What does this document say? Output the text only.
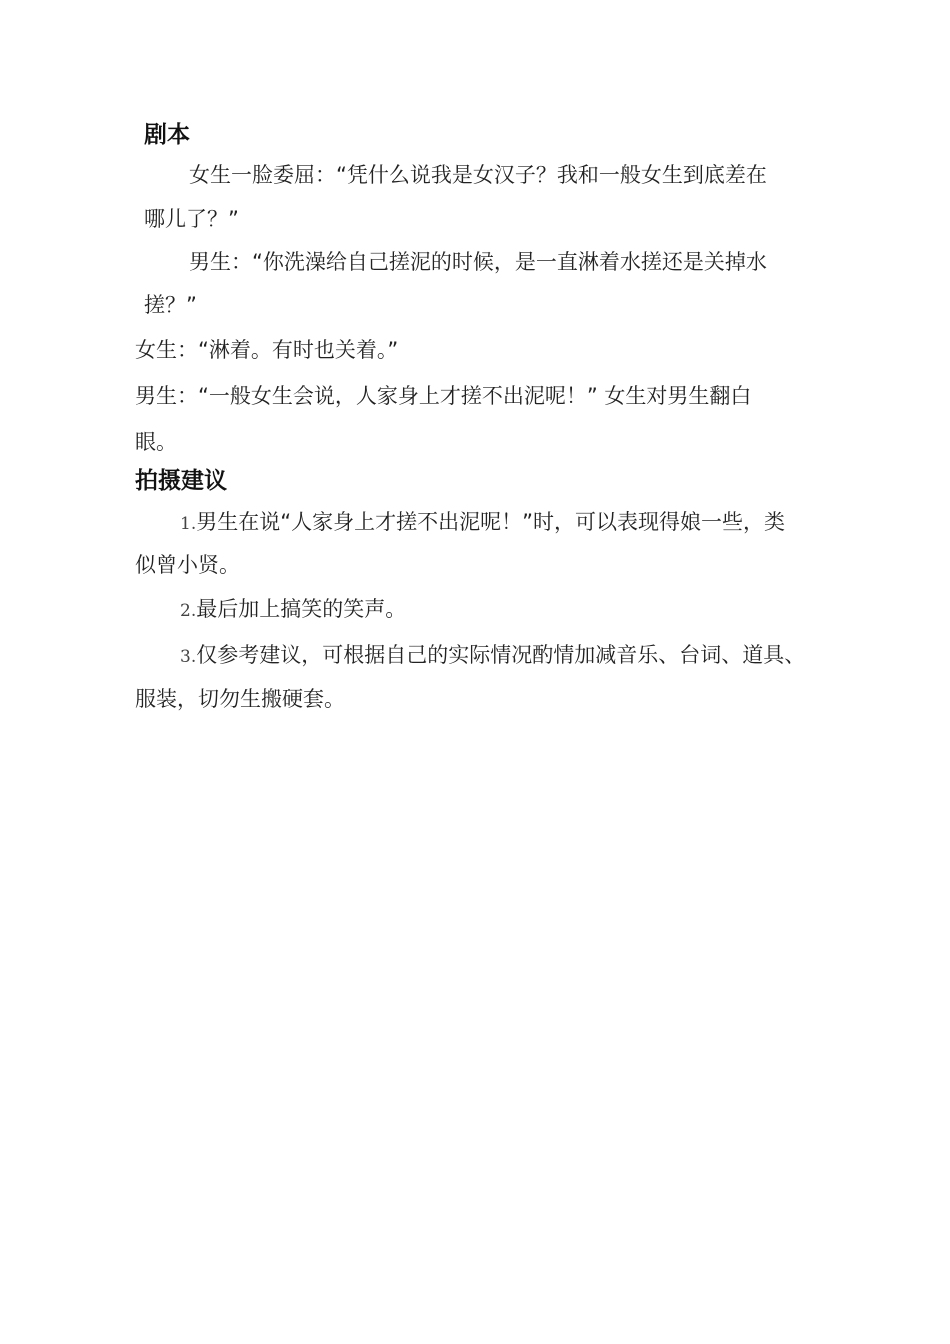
剧本
女生一脸委屈：“凭什么说我是女汉子？我和一般女生到底差在
哪儿了？”
男生：“你洗澡给自己搓泥的时候，是一直淋着水搓还是关掉水
搓？”
女生：“淋着。有时也关着。”
男生：“一般女生会说，人家身上才搓不出泥呢！” 女生对男生翻白
眼。
拍摄建议
1.男生在说“人家身上才搓不出泥呢！”时，可以表现得娘一些，类
似曾小贤。
2.最后加上搞笑的笑声。
3.仅参考建议，可根据自己的实际情况酌情加减音乐、台词、道具、
服装，切勿生搬硬套。
